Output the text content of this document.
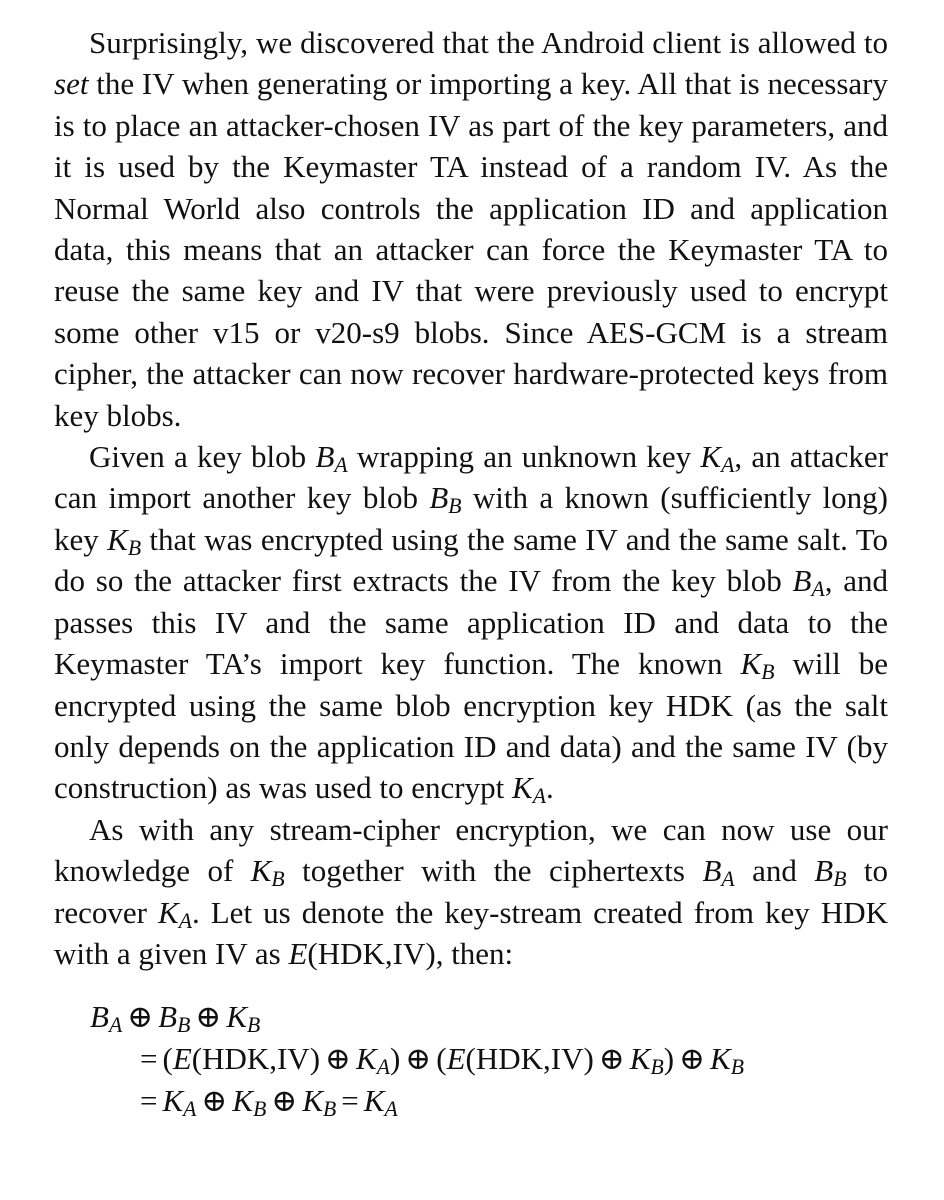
Surprisingly, we discovered that the Android client is allowed to set the IV when generating or importing a key. All that is necessary is to place an attacker-chosen IV as part of the key parameters, and it is used by the Keymaster TA instead of a random IV. As the Normal World also controls the application ID and application data, this means that an attacker can force the Keymaster TA to reuse the same key and IV that were previously used to encrypt some other v15 or v20-s9 blobs. Since AES-GCM is a stream cipher, the attacker can now recover hardware-protected keys from key blobs.

Given a key blob $B_A$ wrapping an unknown key $K_A$, an attacker can import another key blob $B_B$ with a known (sufficiently long) key $K_B$ that was encrypted using the same IV and the same salt. To do so the attacker first extracts the IV from the key blob $B_A$, and passes this IV and the same application ID and data to the Keymaster TA’s import key function. The known $K_B$ will be encrypted using the same blob encryption key HDK (as the salt only depends on the application ID and data) and the same IV (by construction) as was used to encrypt $K_A$.

As with any stream-cipher encryption, we can now use our knowledge of $K_B$ together with the ciphertexts $B_A$ and $B_B$ to recover $K_A$. Let us denote the key-stream created from key HDK with a given IV as E(HDK,IV), then:

$B_A$ ⊕ $B_B$ ⊕ $K_B$
= (E(HDK,IV) ⊕ $K_A$) ⊕ (E(HDK,IV) ⊕ $K_B$) ⊕ $K_B$
= $K_A$ ⊕ $K_B$ ⊕ $K_B = K_A$
